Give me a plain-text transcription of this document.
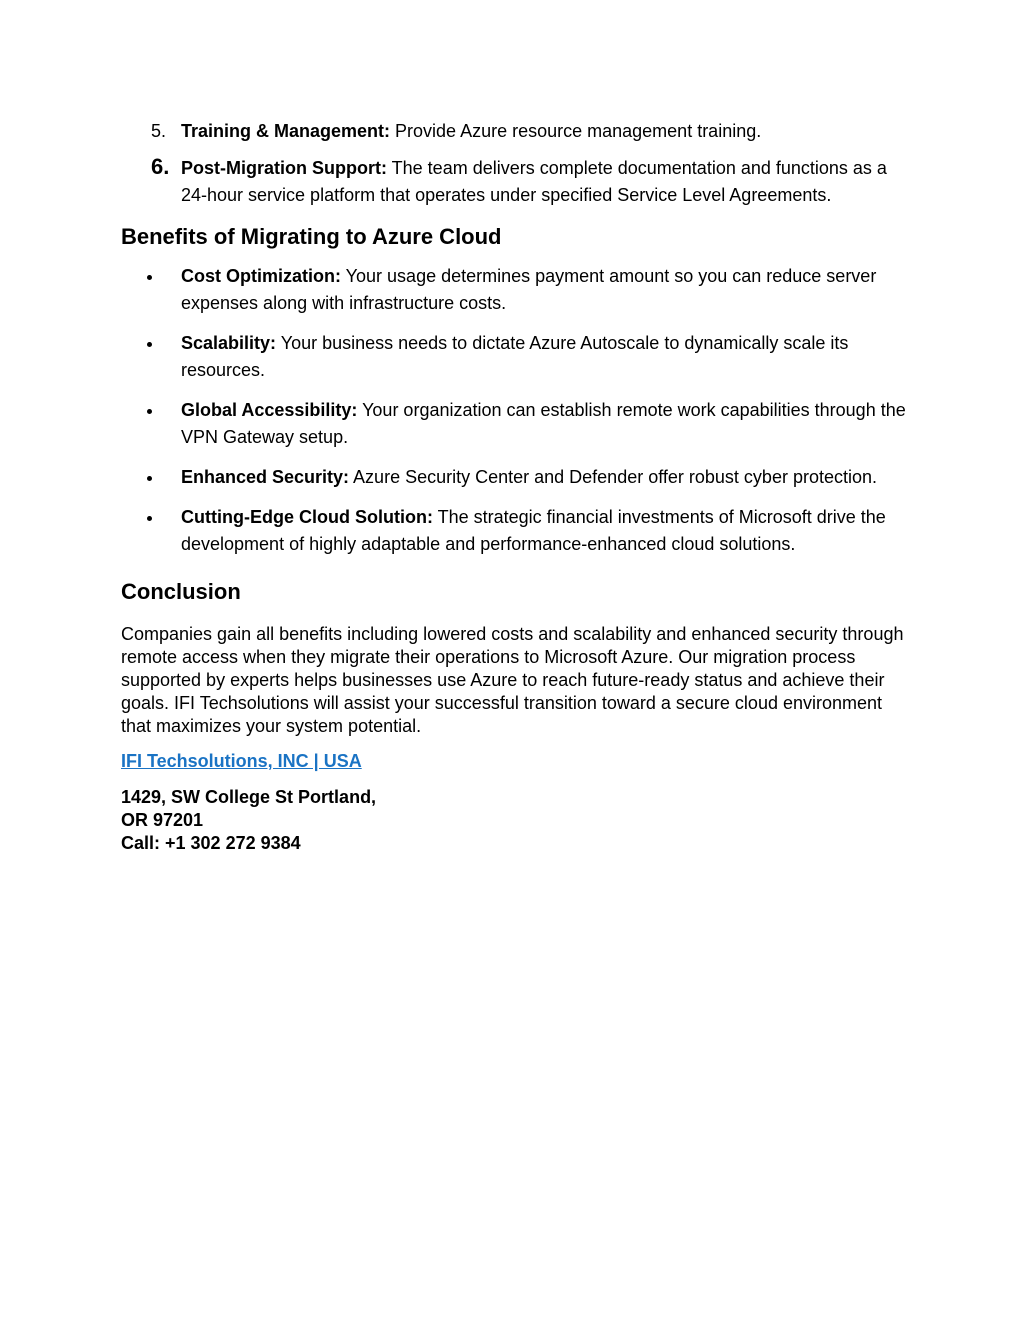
5. Training & Management: Provide Azure resource management training.
6. Post-Migration Support: The team delivers complete documentation and functions as a 24-hour service platform that operates under specified Service Level Agreements.
Benefits of Migrating to Azure Cloud
Cost Optimization: Your usage determines payment amount so you can reduce server expenses along with infrastructure costs.
Scalability: Your business needs to dictate Azure Autoscale to dynamically scale its resources.
Global Accessibility: Your organization can establish remote work capabilities through the VPN Gateway setup.
Enhanced Security: Azure Security Center and Defender offer robust cyber protection.
Cutting-Edge Cloud Solution: The strategic financial investments of Microsoft drive the development of highly adaptable and performance-enhanced cloud solutions.
Conclusion

Companies gain all benefits including lowered costs and scalability and enhanced security through remote access when they migrate their operations to Microsoft Azure. Our migration process supported by experts helps businesses use Azure to reach future-ready status and achieve their goals. IFI Techsolutions will assist your successful transition toward a secure cloud environment that maximizes your system potential.

IFI Techsolutions, INC | USA
1429, SW College St Portland,
OR 97201
Call: +1 302 272 9384
